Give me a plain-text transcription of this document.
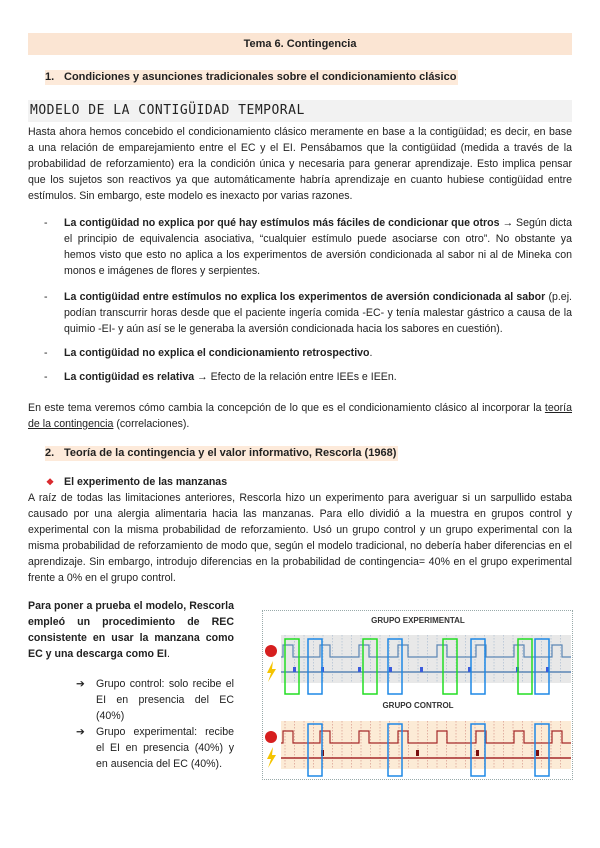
Tema 6. Contingencia
1. Condiciones y asunciones tradicionales sobre el condicionamiento clásico
MODELO DE LA CONTIGÜIDAD TEMPORAL
Hasta ahora hemos concebido el condicionamiento clásico meramente en base a la contigüidad; es decir, en base a una relación de emparejamiento entre el EC y el EI. Pensábamos que la contigüidad (medida a través de la probabilidad de reforzamiento) era la condición única y necesaria para generar aprendizaje. Esto implica pensar que los sujetos son reactivos ya que automáticamente habría aprendizaje en cuanto hubiese contigüidad entre estímulos. Sin embargo, este modelo es inexacto por varias razones.
- La contigüidad no explica por qué hay estímulos más fáciles de condicionar que otros → Según dicta el principio de equivalencia asociativa, “cualquier estímulo puede asociarse con otro”. No obstante ya hemos visto que esto no aplica a los experimentos de aversión condicionada al sabor ni al de Mineka con monos e imágenes de flores y serpientes.
- La contigüidad entre estímulos no explica los experimentos de aversión condicionada al sabor (p.ej. podían transcurrir horas desde que el paciente ingería comida -EC- y tenía malestar gástrico a causa de la quimio -EI- y aún así se le generaba la aversión condicionada hacia los sabores en cuestión).
- La contigüidad no explica el condicionamiento retrospectivo.
- La contigüidad es relativa → Efecto de la relación entre IEEs e IEEn.
En este tema veremos cómo cambia la concepción de lo que es el condicionamiento clásico al incorporar la teoría de la contingencia (correlaciones).
2. Teoría de la contingencia y el valor informativo, Rescorla (1968)
❖ El experimento de las manzanas
A raíz de todas las limitaciones anteriores, Rescorla hizo un experimento para averiguar si un sarpullido estaba causado por una alergia alimentaria hacia las manzanas. Para ello dividió a la muestra en grupos control y experimental con la misma probabilidad de reforzamiento. Usó un grupo control y un grupo experimental con la misma probabilidad de reforzamiento de modo que, según el modelo tradicional, no debería haber diferencias en el aprendizaje. Sin embargo, introdujo diferencias en la probabilidad de contingencia= 40% en el grupo experimental frente a 0% en el grupo control.
Para poner a prueba el modelo, Rescorla empleó un procedimiento de REC consistente en usar la manzana como EC y una descarga como EI.
➔ Grupo control: solo recibe el EI en presencia del EC (40%)
➔ Grupo experimental: recibe el EI en presencia (40%) y en ausencia del EC (40%).
GRUPO EXPERIMENTAL
GRUPO CONTROL
